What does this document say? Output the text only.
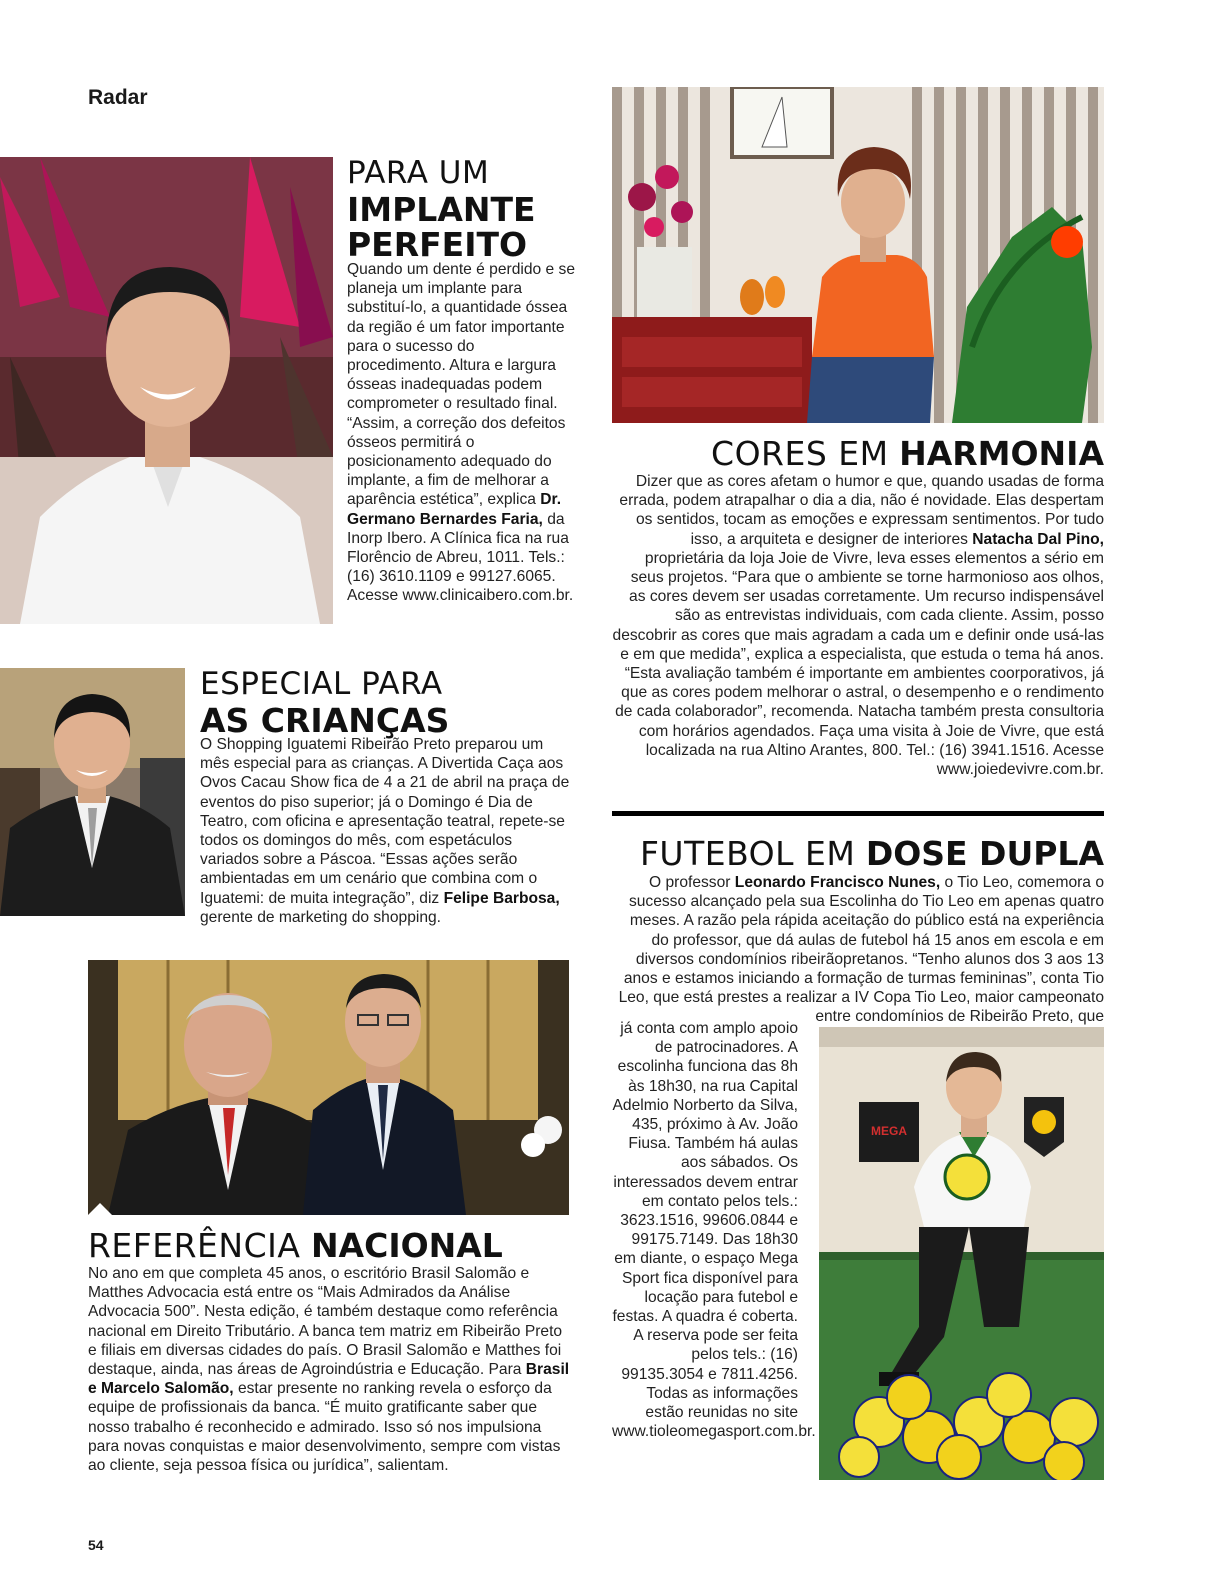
Radar
54
PARA UM
IMPLANTE
PERFEITO
Quando um dente é perdido e se planeja um implante para substituí-lo, a quantidade óssea da região é um fator importante para o sucesso do procedimento. Altura e largura ósseas inadequadas podem comprometer o resultado final. “Assim, a correção dos defeitos ósseos permitirá o posicionamento adequado do implante, a fim de melhorar a aparência estética”, explica Dr. Germano Bernardes Faria, da Inorp Ibero. A Clínica fica na rua Florêncio de Abreu, 1011. Tels.: (16) 3610.1109 e 99127.6065. Acesse www.clinicaibero.com.br.
CORES EM HARMONIA
Dizer que as cores afetam o humor e que, quando usadas de forma errada, podem atrapalhar o dia a dia, não é novidade. Elas despertam os sentidos, tocam as emoções e expressam sentimentos. Por tudo isso, a arquiteta e designer de interiores Natacha Dal Pino, proprietária da loja Joie de Vivre, leva esses elementos a sério em seus projetos. “Para que o ambiente se torne harmonioso aos olhos, as cores devem ser usadas corretamente. Um recurso indispensável são as entrevistas individuais, com cada cliente. Assim, posso descobrir as cores que mais agradam a cada um e definir onde usá-las e em que medida”, explica a especialista, que estuda o tema há anos. “Esta avaliação também é importante em ambientes coorporativos, já que as cores podem melhorar o astral, o desempenho e o rendimento de cada colaborador”, recomenda. Natacha também presta consultoria com horários agendados. Faça uma visita à Joie de Vivre, que está localizada na rua Altino Arantes, 800. Tel.: (16) 3941.1516. Acesse www.joiedevivre.com.br.
ESPECIAL PARA
AS CRIANÇAS
O Shopping Iguatemi Ribeirão Preto preparou um mês especial para as crianças. A Divertida Caça aos Ovos Cacau Show fica de 4 a 21 de abril na praça de eventos do piso superior; já o Domingo é Dia de Teatro, com oficina e apresentação teatral, repete-se todos os domingos do mês, com espetáculos variados sobre a Páscoa. “Essas ações serão ambientadas em um cenário que combina com o Iguatemi: de muita integração”, diz Felipe Barbosa, gerente de marketing do shopping.
FUTEBOL EM DOSE DUPLA
O professor Leonardo Francisco Nunes, o Tio Leo, comemora o sucesso alcançado pela sua Escolinha do Tio Leo em apenas quatro meses. A razão pela rápida aceitação do público está na experiência do professor, que dá aulas de futebol há 15 anos em escola e em diversos condomínios ribeirãopretanos. “Tenho alunos dos 3 aos 13 anos e estamos iniciando a formação de turmas femininas”, conta Tio Leo, que está prestes a realizar a IV Copa Tio Leo, maior campeonato entre condomínios de Ribeirão Preto, que
já conta com amplo apoio de patrocinadores. A escolinha funciona das 8h às 18h30, na rua Capital Adelmio Norberto da Silva, 435, próximo à Av. João Fiusa. Também há aulas aos sábados. Os interessados devem entrar em contato pelos tels.: 3623.1516, 99606.0844 e 99175.7149. Das 18h30 em diante, o espaço Mega Sport fica disponível para locação para futebol e festas. A quadra é coberta. A reserva pode ser feita pelos tels.: (16) 99135.3054 e 7811.4256. Todas as informações estão reunidas no site www.tioleomegasport.com.br.
MEGA
REFERÊNCIA NACIONAL
No ano em que completa 45 anos, o escritório Brasil Salomão e Matthes Advocacia está entre os “Mais Admirados da Análise Advocacia 500”. Nesta edição, é também destaque como referência nacional em Direito Tributário. A banca tem matriz em Ribeirão Preto e filiais em diversas cidades do país. O Brasil Salomão e Matthes foi destaque, ainda, nas áreas de Agroindústria e Educação. Para Brasil e Marcelo Salomão, estar presente no ranking revela o esforço da equipe de profissionais da banca. “É muito gratificante saber que nosso trabalho é reconhecido e admirado. Isso só nos impulsiona para novas conquistas e maior desenvolvimento, sempre com vistas ao cliente, seja pessoa física ou jurídica”, salientam.
